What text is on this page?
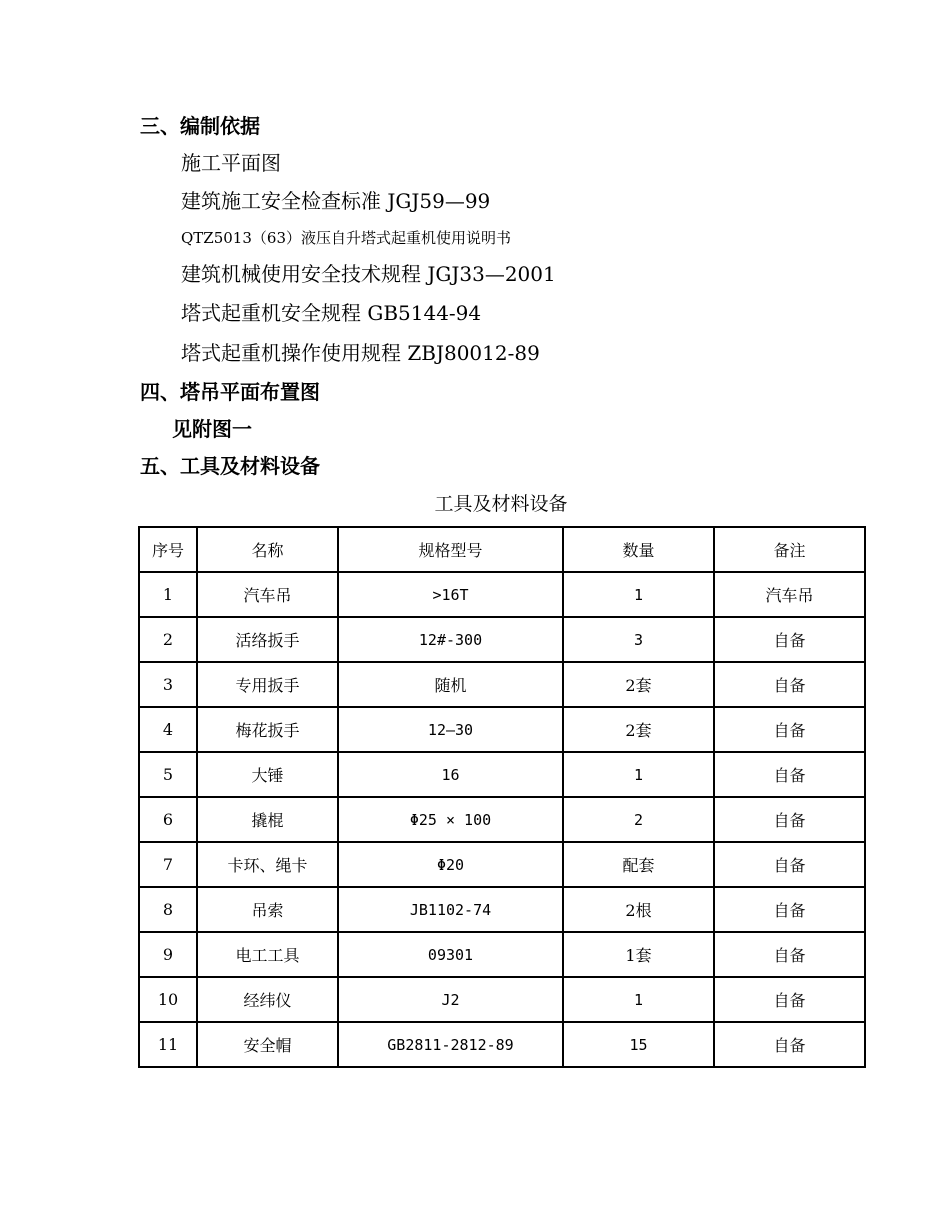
三、编制依据
施工平面图
建筑施工安全检查标准 JGJ59—99
QTZ5013（63）液压自升塔式起重机使用说明书
建筑机械使用安全技术规程 JGJ33—2001
塔式起重机安全规程 GB5144-94
塔式起重机操作使用规程 ZBJ80012-89
四、塔吊平面布置图
见附图一
五、工具及材料设备
工具及材料设备
序号	名称	规格型号	数量	备注
1	汽车吊	>16T	1	汽车吊
2	活络扳手	12#-300	3	自备
3	专用扳手	随机	2套	自备
4	梅花扳手	12—30	2套	自备
5	大锤	16	1	自备
6	撬棍	Φ25 × 100	2	自备
7	卡环、绳卡	Φ20	配套	自备
8	吊索	JB1102-74	2根	自备
9	电工工具	09301	1套	自备
10	经纬仪	J2	1	自备
11	安全帽	GB2811-2812-89	15	自备
